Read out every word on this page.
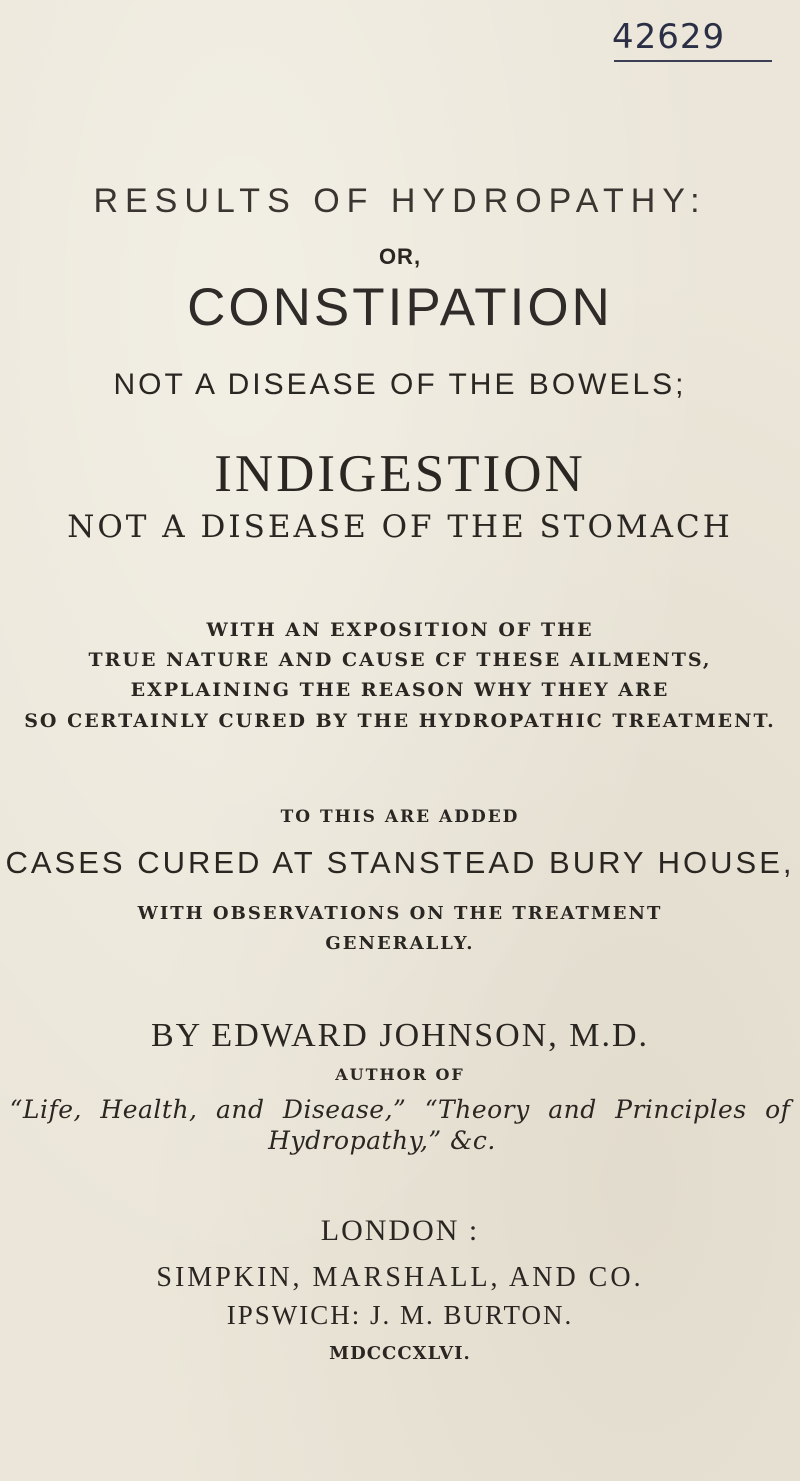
42629

RESULTS OF HYDROPATHY:

OR,

CONSTIPATION

NOT A DISEASE OF THE BOWELS;

INDIGESTION

NOT A DISEASE OF THE STOMACH

WITH AN EXPOSITION OF THE

TRUE NATURE AND CAUSE CF THESE AILMENTS,

EXPLAINING THE REASON WHY THEY ARE

SO CERTAINLY CURED BY THE HYDROPATHIC TREATMENT.

TO THIS ARE ADDED

CASES CURED AT STANSTEAD BURY HOUSE,

WITH OBSERVATIONS ON THE TREATMENT

GENERALLY.

BY EDWARD JOHNSON, M.D.

AUTHOR OF

“Life, Health, and Disease,” “Theory and Principles of

Hydropathy,” &c.

LONDON :

SIMPKIN, MARSHALL, AND CO.

IPSWICH: J. M. BURTON.

MDCCCXLVI.
